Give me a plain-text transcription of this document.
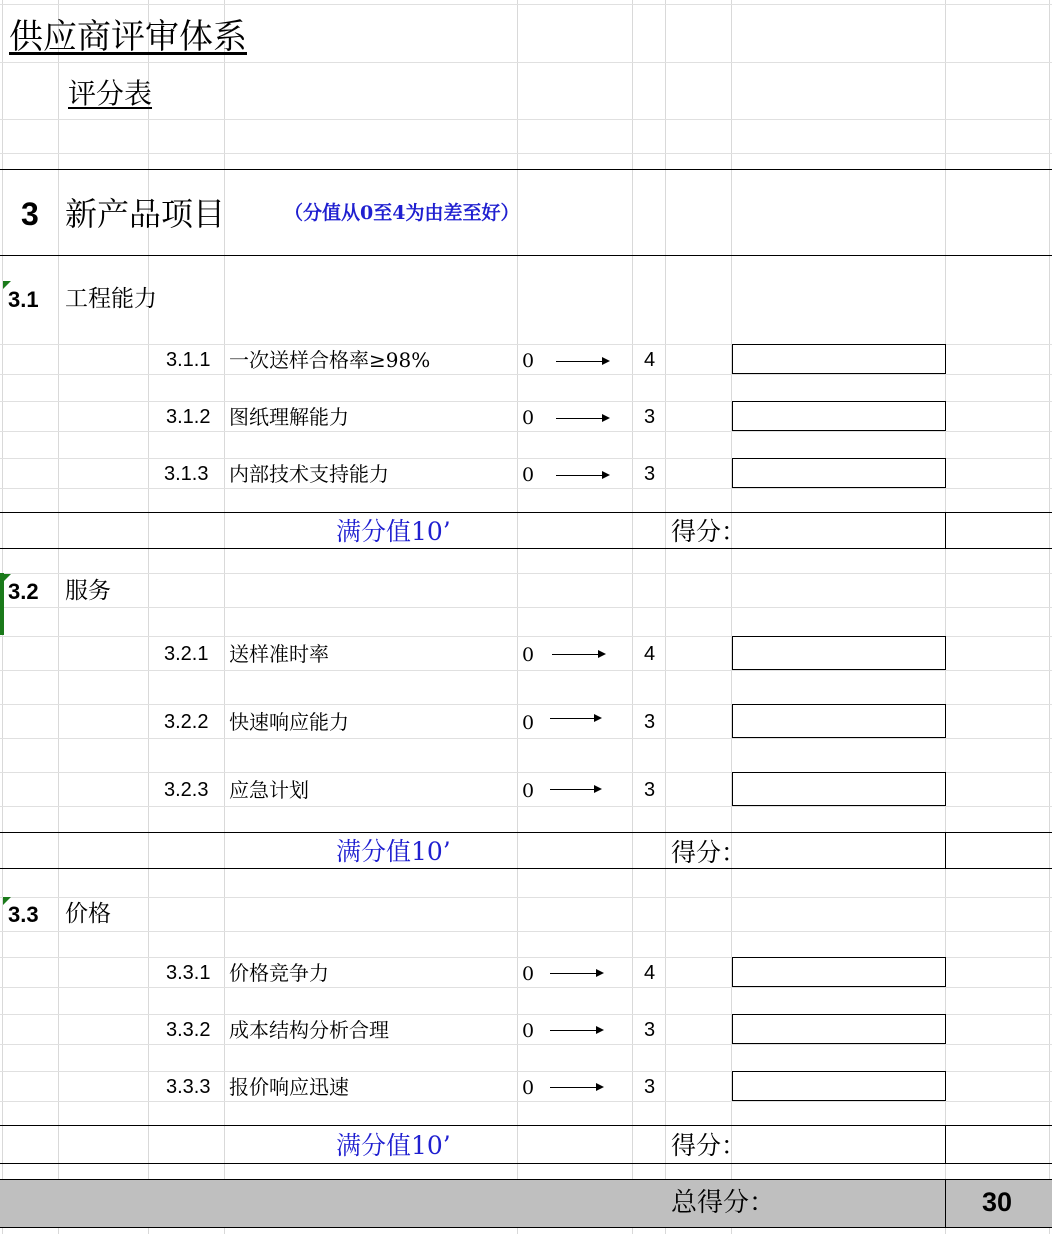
供应商评审体系
评分表
3 新产品项目	（分值从0至4为由差至好）
3.1 工程能力
3.1.1 一次送样合格率≥98%	0	4
3.1.2 图纸理解能力	0	3
3.1.3 内部技术支持能力	0	3
满分值10’	得分：
3.2 服务
3.2.1 送样准时率	0	4
3.2.2 快速响应能力	0	3
3.2.3 应急计划	0	3
满分值10’	得分：
3.3 价格
3.3.1 价格竞争力	0	4
3.3.2 成本结构分析合理	0	3
3.3.3 报价响应迅速	0	3
满分值10’	得分：
总得分：	30
